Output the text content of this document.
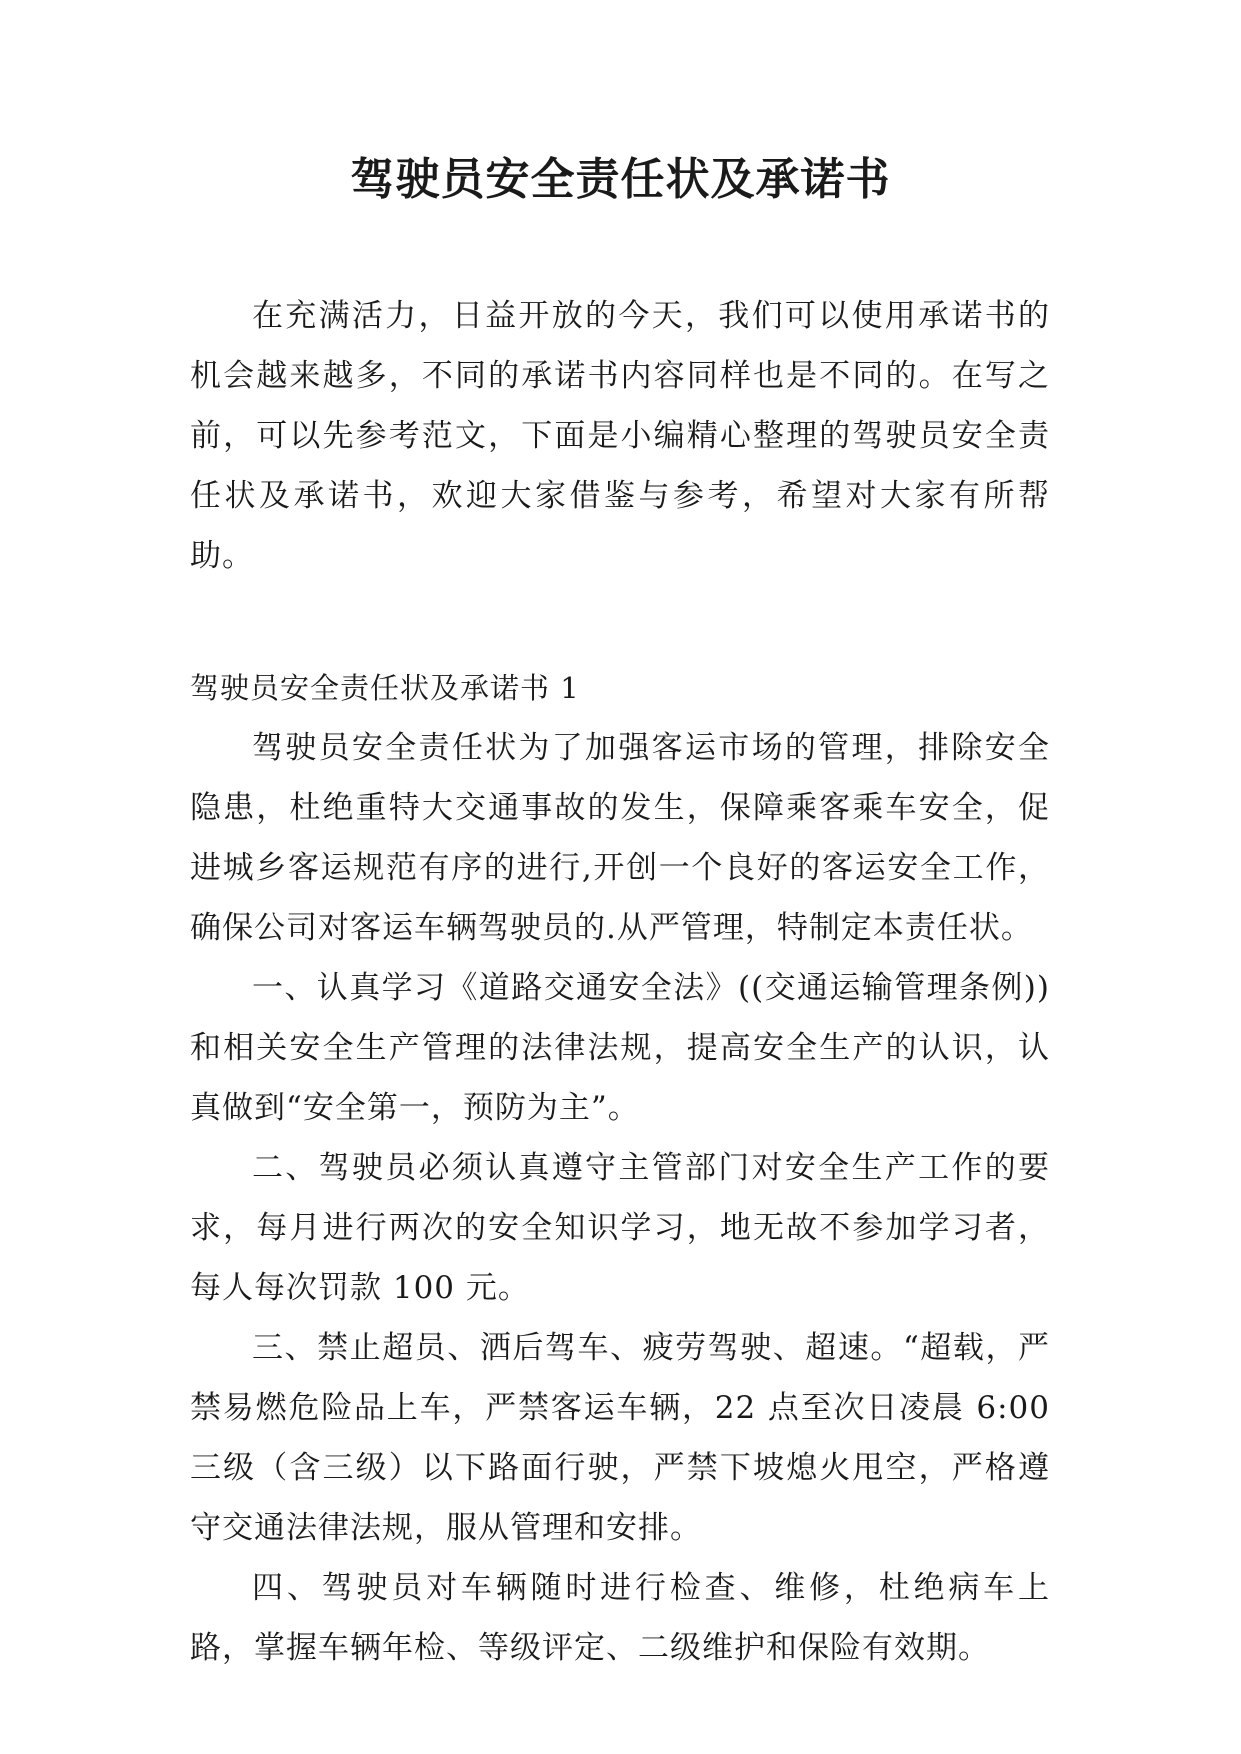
驾驶员安全责任状及承诺书

在充满活力，日益开放的今天，我们可以使用承诺书的机会越来越多，不同的承诺书内容同样也是不同的。在写之前，可以先参考范文，下面是小编精心整理的驾驶员安全责任状及承诺书，欢迎大家借鉴与参考，希望对大家有所帮助。

驾驶员安全责任状及承诺书 1

驾驶员安全责任状为了加强客运市场的管理，排除安全隐患，杜绝重特大交通事故的发生，保障乘客乘车安全，促进城乡客运规范有序的进行,开创一个良好的客运安全工作，确保公司对客运车辆驾驶员的.从严管理，特制定本责任状。

一、认真学习《道路交通安全法》((交通运输管理条例))和相关安全生产管理的法律法规，提高安全生产的认识，认真做到“安全第一，预防为主”。

二、驾驶员必须认真遵守主管部门对安全生产工作的要求，每月进行两次的安全知识学习，地无故不参加学习者，每人每次罚款 100 元。

三、禁止超员、洒后驾车、疲劳驾驶、超速。“超载，严禁易燃危险品上车，严禁客运车辆，22 点至次日凌晨 6:00 三级（含三级）以下路面行驶，严禁下坡熄火甩空，严格遵守交通法律法规，服从管理和安排。

四、驾驶员对车辆随时进行检查、维修，杜绝病车上路，掌握车辆年检、等级评定、二级维护和保险有效期。
